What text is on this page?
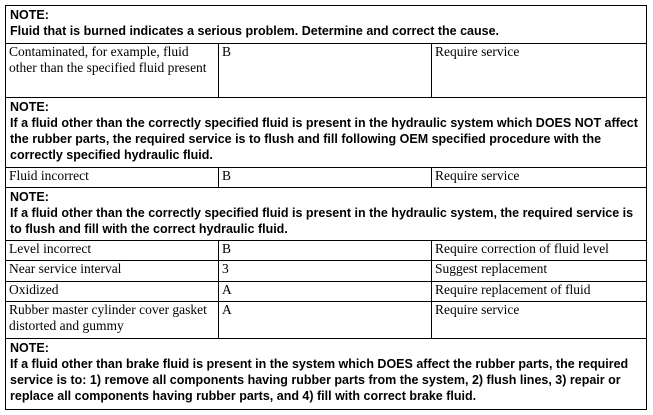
NOTE:
Fluid that is burned indicates a serious problem. Determine and correct the cause.		

Contaminated, for example, fluid other than the specified fluid present	B	Require service

NOTE:
If a fluid other than the correctly specified fluid is present in the hydraulic system which DOES NOT affect the rubber parts, the required service is to flush and fill following OEM specified procedure with the correctly specified hydraulic fluid.		

Fluid incorrect	B	Require service

NOTE:
If a fluid other than the correctly specified fluid is present in the hydraulic system, the required service is to flush and fill with the correct hydraulic fluid.		

Level incorrect	B	Require correction of fluid level
Near service interval	3	Suggest replacement
Oxidized	A	Require replacement of fluid
Rubber master cylinder cover gasket distorted and gummy	A	Require service

NOTE:
If a fluid other than brake fluid is present in the system which DOES affect the rubber parts, the required service is to: 1) remove all components having rubber parts from the system, 2) flush lines, 3) repair or replace all components having rubber parts, and 4) fill with correct brake fluid.		
